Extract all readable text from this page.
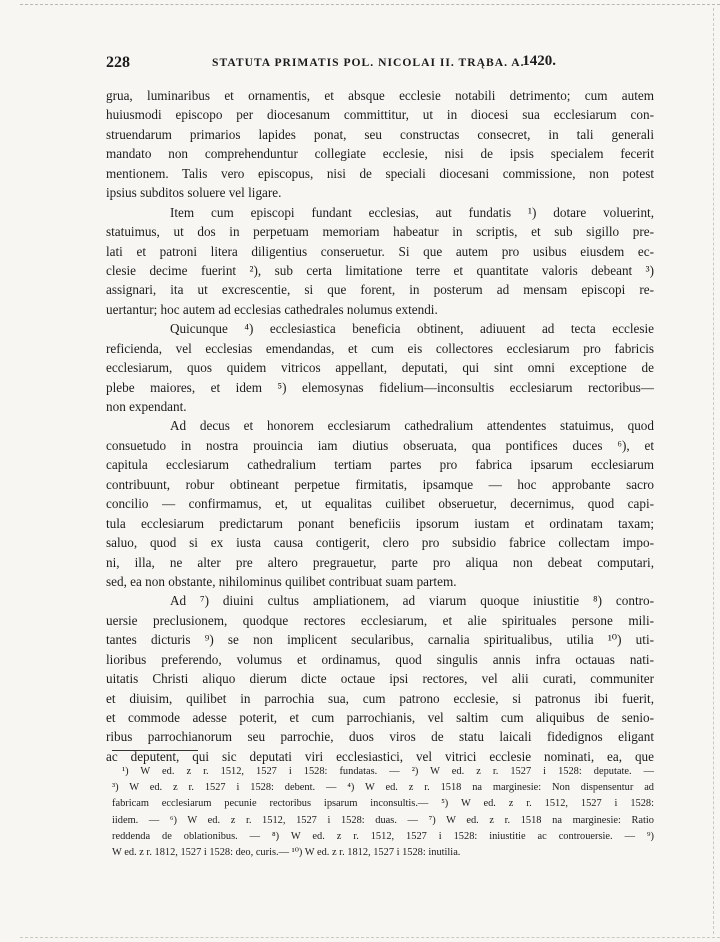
228	STATUTA PRIMATIS POL. NICOLAI II. TRĄBA. A.
1420.
grua, luminaribus et ornamentis, et absque ecclesie notabili detrimento; cum autem
huiusmodi episcopo per diocesanum committitur, ut in diocesi sua ecclesiarum con-
struendarum primarios lapides ponat, seu constructas consecret, in tali generali
mandato non comprehenduntur collegiate ecclesie, nisi de ipsis specialem fecerit
mentionem. Talis vero episcopus, nisi de speciali diocesani commissione, non potest
ipsius subditos soluere vel ligare.
Item cum episcopi fundant ecclesias, aut fundatis ¹) dotare voluerint,
statuimus, ut dos in perpetuam memoriam habeatur in scriptis, et sub sigillo pre-
lati et patroni litera diligentius conseruetur. Si que autem pro usibus eiusdem ec-
clesie decime fuerint ²), sub certa limitatione terre et quantitate valoris debeant ³)
assignari, ita ut excrescentie, si que forent, in posterum ad mensam episcopi re-
uertantur; hoc autem ad ecclesias cathedrales nolumus extendi.
Quicunque ⁴) ecclesiastica beneficia obtinent, adiuuent ad tecta ecclesie
reficienda, vel ecclesias emendandas, et cum eis collectores ecclesiarum pro fabricis
ecclesiarum, quos quidem vitricos appellant, deputati, qui sint omni exceptione de
plebe maiores, et idem ⁵) elemosynas fidelium—inconsultis ecclesiarum rectoribus—
non expendant.
Ad decus et honorem ecclesiarum cathedralium attendentes statuimus, quod
consuetudo in nostra prouincia iam diutius obseruata, qua pontifices duces ⁶), et
capitula ecclesiarum cathedralium tertiam partes pro fabrica ipsarum ecclesiarum
contribuunt, robur obtineant perpetue firmitatis, ipsamque — hoc approbante sacro
concilio — confirmamus, et, ut equalitas cuilibet obseruetur, decernimus, quod capi-
tula ecclesiarum predictarum ponant beneficiis ipsorum iustam et ordinatam taxam;
saluo, quod si ex iusta causa contigerit, clero pro subsidio fabrice collectam impo-
ni, illa, ne alter pre altero pregrauetur, parte pro aliqua non debeat computari,
sed, ea non obstante, nihilominus quilibet contribuat suam partem.
Ad ⁷) diuini cultus ampliationem, ad viarum quoque iniustitie ⁸) contro-
uersie preclusionem, quodque rectores ecclesiarum, et alie spirituales persone mili-
tantes dicturis ⁹) se non implicent secularibus, carnalia spiritualibus, utilia ¹⁰) uti-
lioribus preferendo, volumus et ordinamus, quod singulis annis infra octauas nati-
uitatis Christi aliquo dierum dicte octaue ipsi rectores, vel alii curati, communiter
et diuisim, quilibet in parrochia sua, cum patrono ecclesie, si patronus ibi fuerit,
et commode adesse poterit, et cum parrochianis, vel saltim cum aliquibus de senio-
ribus parrochianorum seu parrochie, duos viros de statu laicali fidedignos eligant
ac deputent, qui sic deputati viri ecclesiastici, vel vitrici ecclesie nominati, ea, que
¹) W ed. z r. 1512, 1527 i 1528: fundatas. — ²) W ed. z r. 1527 i 1528: deputate. —
³) W ed. z r. 1527 i 1528: debent. — ⁴) W ed. z r. 1518 na marginesie: Non dispensentur ad
fabricam ecclesiarum pecunie rectoribus ipsarum inconsultis.— ⁵) W ed. z r. 1512, 1527 i 1528:
iidem. — ⁶) W ed. z r. 1512, 1527 i 1528: duas. — ⁷) W ed. z r. 1518 na marginesie: Ratio
reddenda de oblationibus. — ⁸) W ed. z r. 1512, 1527 i 1528: iniustitie ac controuersie. — ⁹)
W ed. z r. 1812, 1527 i 1528: deo, curis.— ¹⁰) W ed. z r. 1812, 1527 i 1528: inutilia.
